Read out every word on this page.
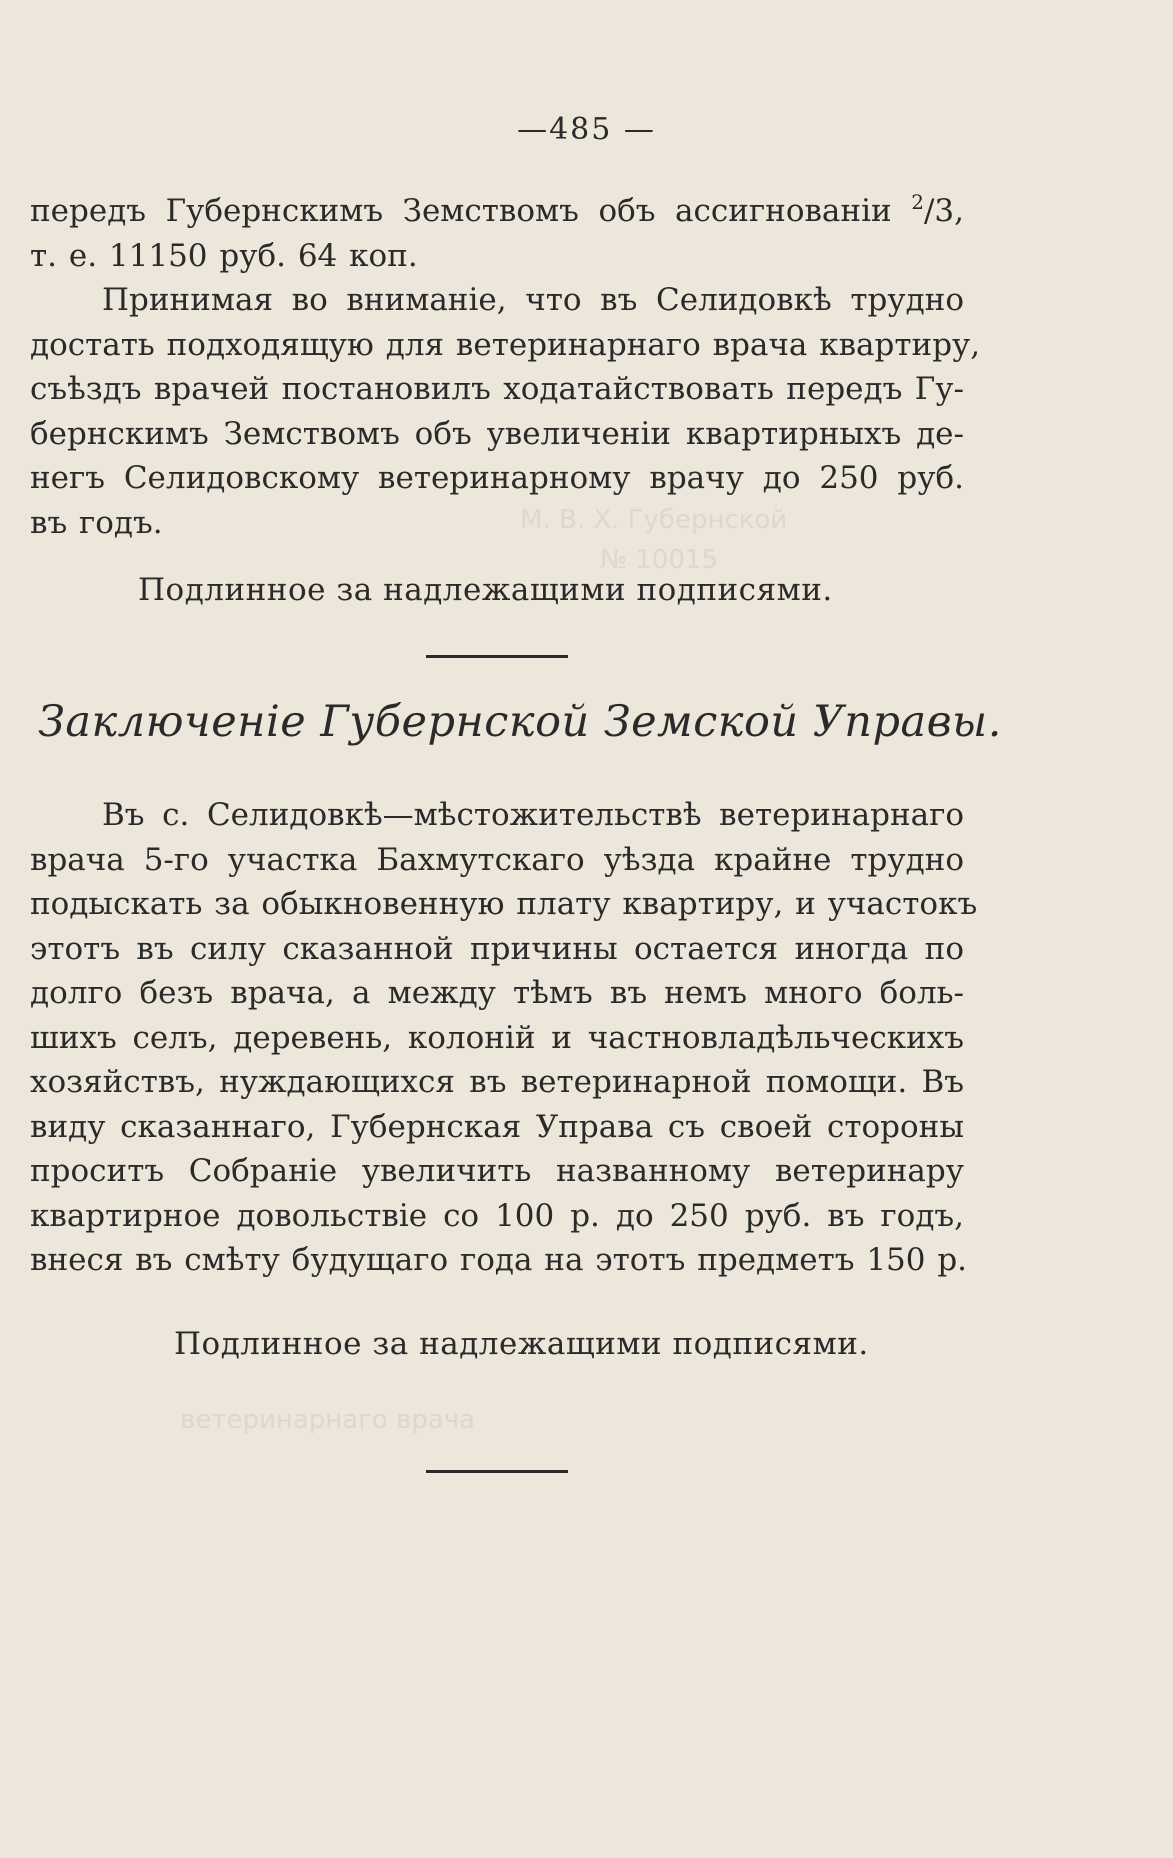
М. В. Х. Губернской
№ 10015
ветеринарнаго врача
—485 —
передъ Губернскимъ Земствомъ объ ассигнованіи $^2$/3,
т. е. 11150 руб. 64 коп.
Принимая во вниманіе, что въ Селидовкѣ трудно
достать подходящую для ветеринарнаго врача квартиру,
съѣздъ врачей постановилъ ходатайствовать передъ Гу-
бернскимъ Земствомъ объ увеличеніи квартирныхъ де-
негъ Селидовскому ветеринарному врачу до 250 руб.
въ годъ.
Подлинное за надлежащими подписями.
Заключеніе Губернской Земской Управы.
Въ с. Селидовкѣ—мѣстожительствѣ ветеринарнаго
врача 5-го участка Бахмутскаго уѣзда крайне трудно
подыскать за обыкновенную плату квартиру, и участокъ
этотъ въ силу сказанной причины остается иногда по
долго безъ врача, а между тѣмъ въ немъ много боль-
шихъ селъ, деревень, колоній и частновладѣльческихъ
хозяйствъ, нуждающихся въ ветеринарной помощи. Въ
виду сказаннаго, Губернская Управа съ своей стороны
проситъ Собраніе увеличить названному ветеринару
квартирное довольствіе со 100 р. до 250 руб. въ годъ,
внеся въ смѣту будущаго года на этотъ предметъ 150 р.
Подлинное за надлежащими подписями.
